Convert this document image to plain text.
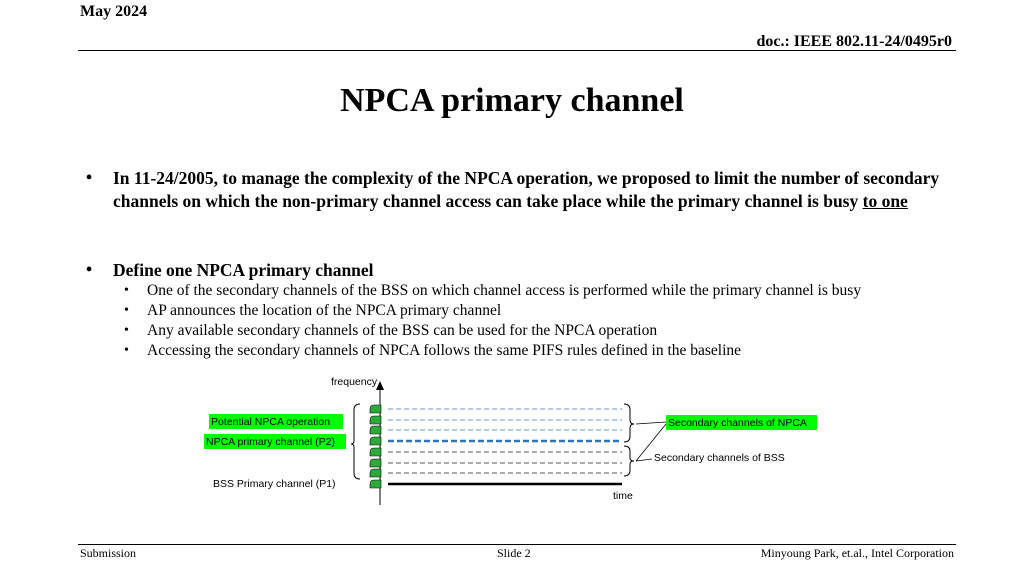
May 2024
doc.: IEEE 802.11-24/0495r0
NPCA primary channel
• In 11-24/2005, to manage the complexity of the NPCA operation, we proposed to limit the number of secondary channels on which the non-primary channel access can take place while the primary channel is busy to one
• Define one NPCA primary channel
• One of the secondary channels of the BSS on which channel access is performed while the primary channel is busy
• AP announces the location of the NPCA primary channel
• Any available secondary channels of the BSS can be used for the NPCA operation
• Accessing the secondary channels of NPCA follows the same PIFS rules defined in the baseline
frequency
Potential NPCA operation
NPCA primary channel (P2)
BSS Primary channel (P1)
Secondary channels of NPCA
Secondary channels of BSS
time
Submission	Slide 2	Minyoung Park, et.al., Intel Corporation
